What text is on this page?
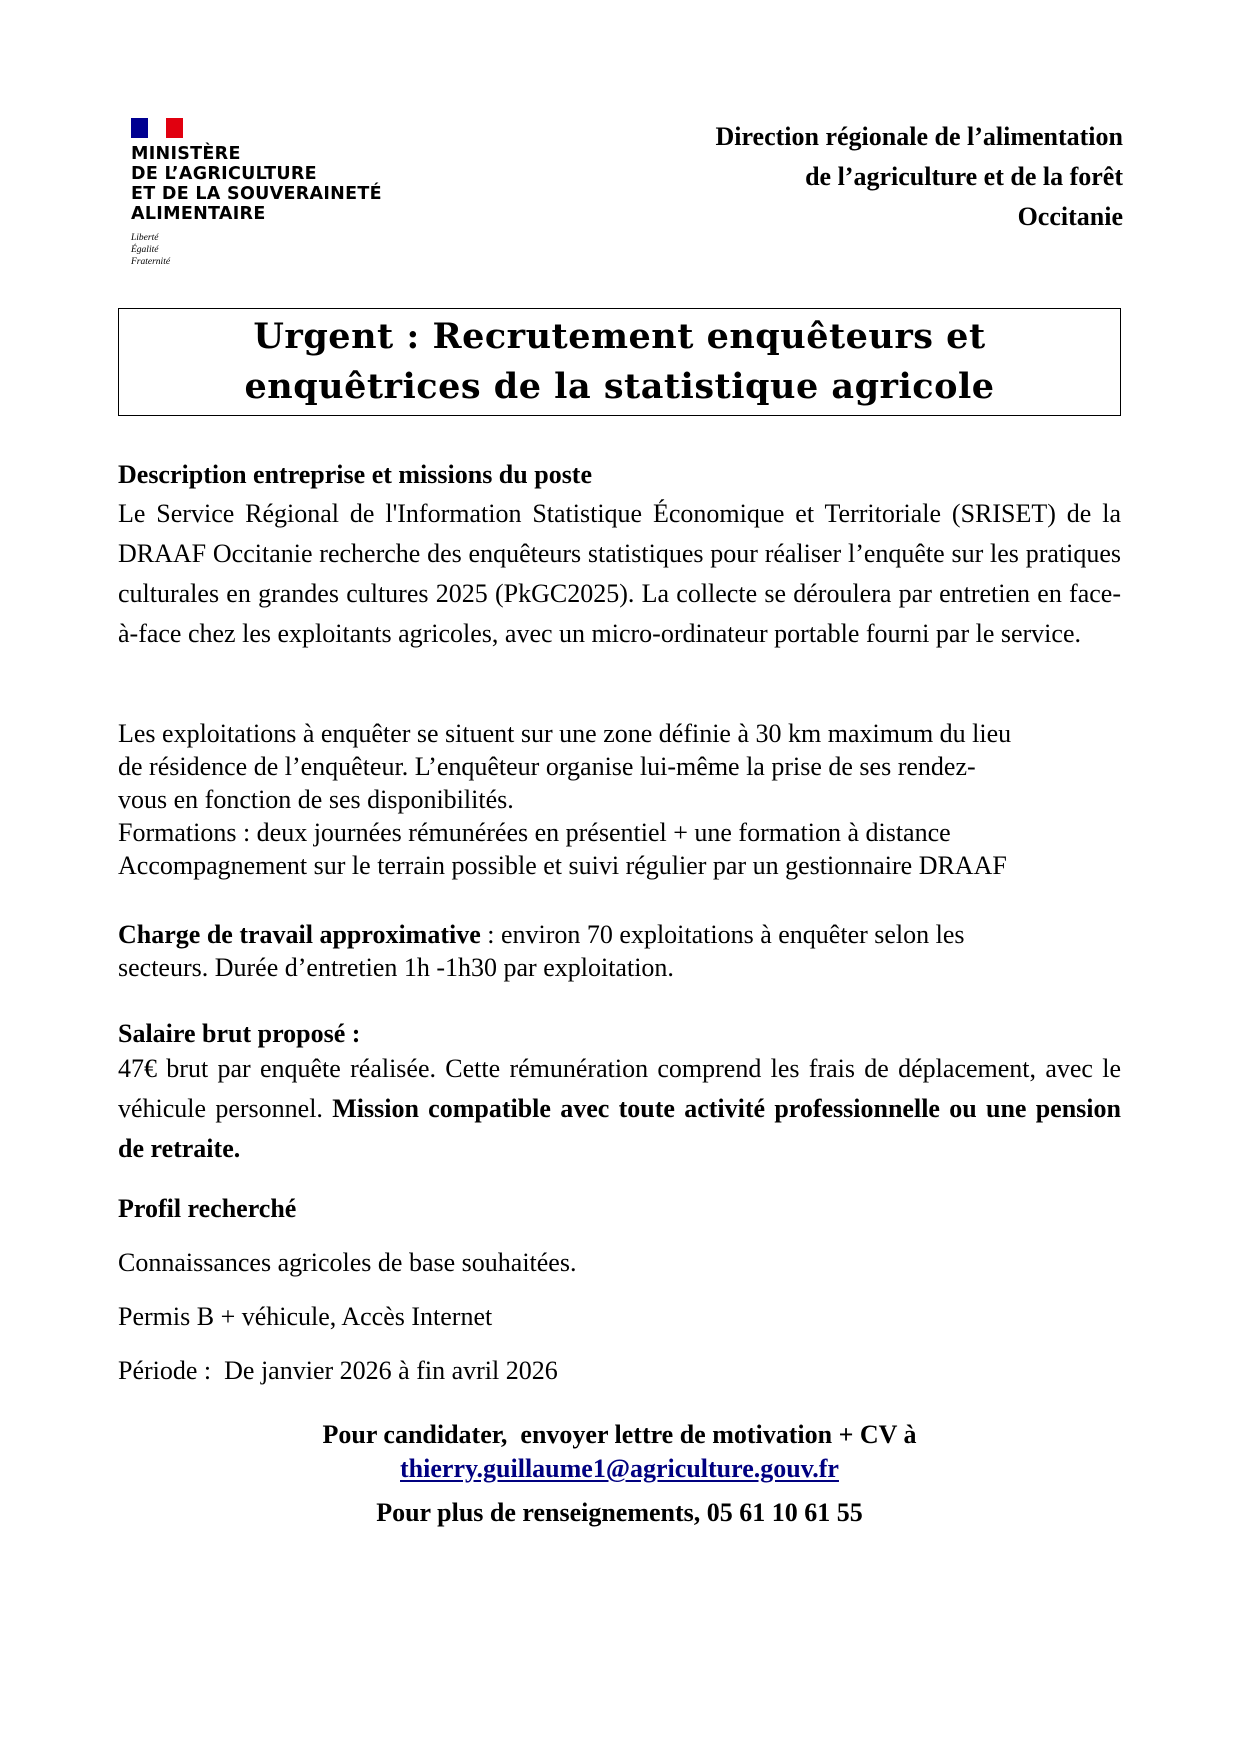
MINISTÈRE
DE L’AGRICULTURE
ET DE LA SOUVERAINETÉ
ALIMENTAIRE
Liberté
Égalité
Fraternité
Direction régionale de l’alimentation
de l’agriculture et de la forêt
Occitanie
Urgent : Recrutement enquêteurs et
enquêtrices de la statistique agricole
Description entreprise et missions du poste
Le Service Régional de l'Information Statistique Économique et Territoriale (SRISET) de la DRAAF Occitanie recherche des enquêteurs statistiques pour réaliser l’enquête sur les pratiques culturales en grandes cultures 2025 (PkGC2025). La collecte se déroulera par entretien en face-à-face chez les exploitants agricoles, avec un micro-ordinateur portable fourni par le service.
Les exploitations à enquêter se situent sur une zone définie à 30 km maximum du lieu
de résidence de l’enquêteur. L’enquêteur organise lui-même la prise de ses rendez-
vous en fonction de ses disponibilités.
Formations : deux journées rémunérées en présentiel + une formation à distance
Accompagnement sur le terrain possible et suivi régulier par un gestionnaire DRAAF
Charge de travail approximative : environ 70 exploitations à enquêter selon les
secteurs. Durée d’entretien 1h -1h30 par exploitation.
Salaire brut proposé :
47€ brut par enquête réalisée. Cette rémunération comprend les frais de déplacement, avec le véhicule personnel. Mission compatible avec toute activité professionnelle ou une pension de retraite.
Profil recherché
Connaissances agricoles de base souhaitées.
Permis B + véhicule, Accès Internet
Période :  De janvier 2026 à fin avril 2026
Pour candidater,  envoyer lettre de motivation + CV à
thierry.guillaume1@agriculture.gouv.fr
Pour plus de renseignements, 05 61 10 61 55
